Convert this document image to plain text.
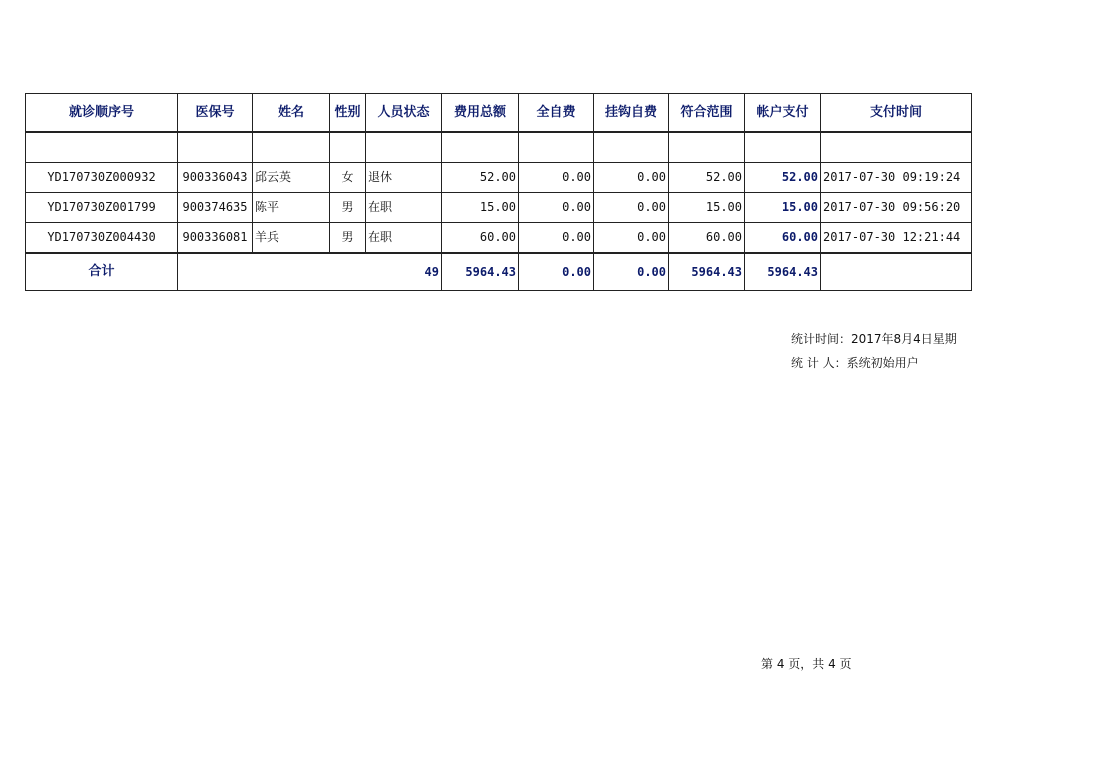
就诊顺序号	医保号	姓名	性别	人员状态	费用总额	全自费	挂钩自费	符合范围	帐户支付	支付时间

YD170730Z000932	900336043	邱云英	女	退休	52.00	0.00	0.00	52.00	52.00	2017-07-30 09:19:24
YD170730Z001799	900374635	陈平	男	在职	15.00	0.00	0.00	15.00	15.00	2017-07-30 09:56:20
YD170730Z004430	900336081	羊兵	男	在职	60.00	0.00	0.00	60.00	60.00	2017-07-30 12:21:44
合计	49				5964.43	0.00	0.00	5964.43	5964.43	
统计时间：2017年8月4日星期
统 计 人：系统初始用户
第 4 页，共 4 页
